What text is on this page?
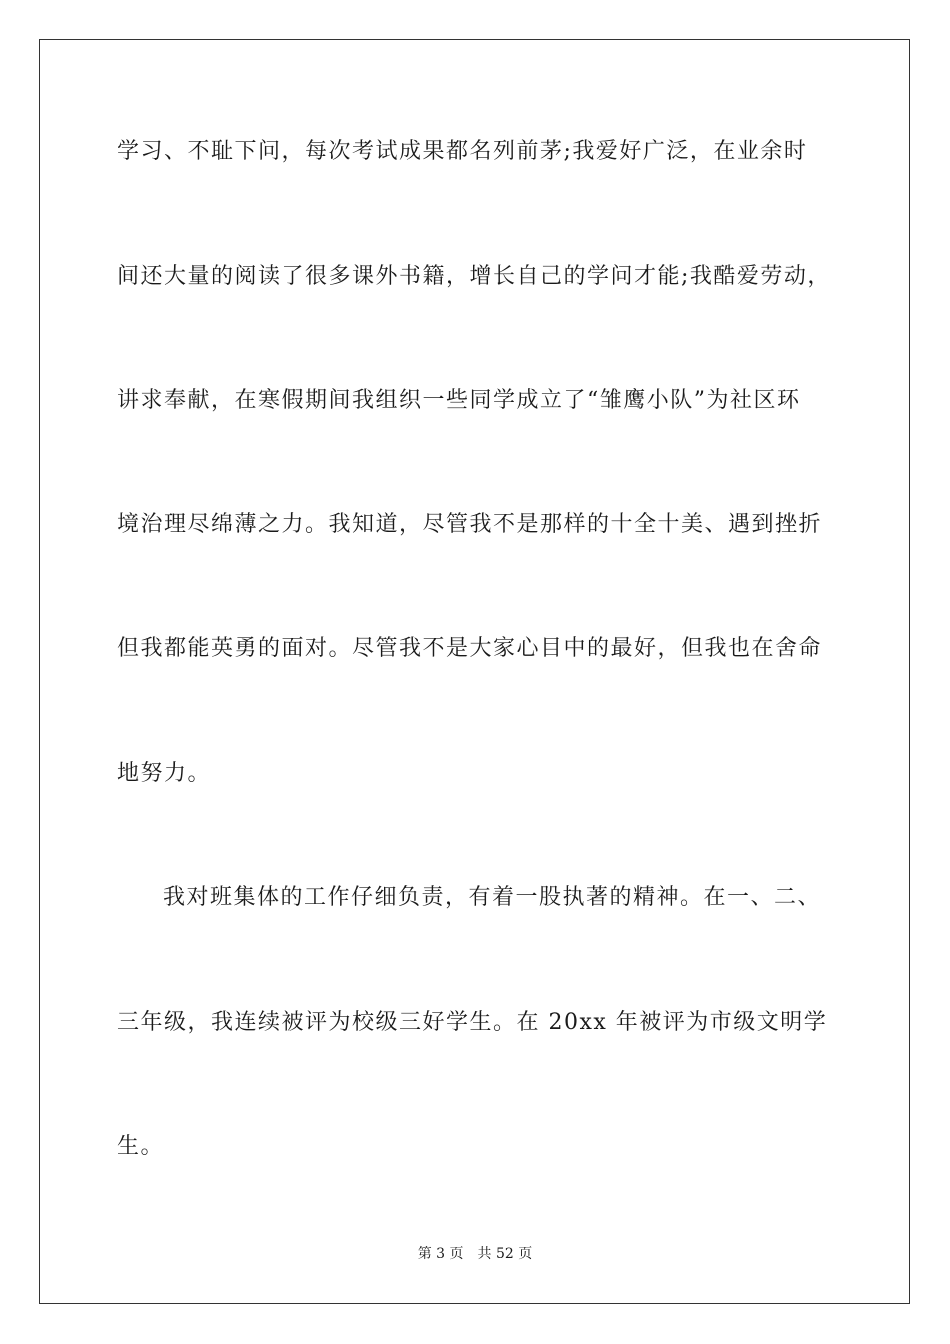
学习、不耻下问，每次考试成果都名列前茅;我爱好广泛，在业余时
间还大量的阅读了很多课外书籍，增长自己的学问才能;我酷爱劳动，
讲求奉献，在寒假期间我组织一些同学成立了“雏鹰小队”为社区环
境治理尽绵薄之力。我知道，尽管我不是那样的十全十美、遇到挫折
但我都能英勇的面对。尽管我不是大家心目中的最好，但我也在舍命
地努力。
我对班集体的工作仔细负责，有着一股执著的精神。在一、二、
三年级，我连续被评为校级三好学生。在 20xx 年被评为市级文明学
生。
第 3 页　共 52 页
